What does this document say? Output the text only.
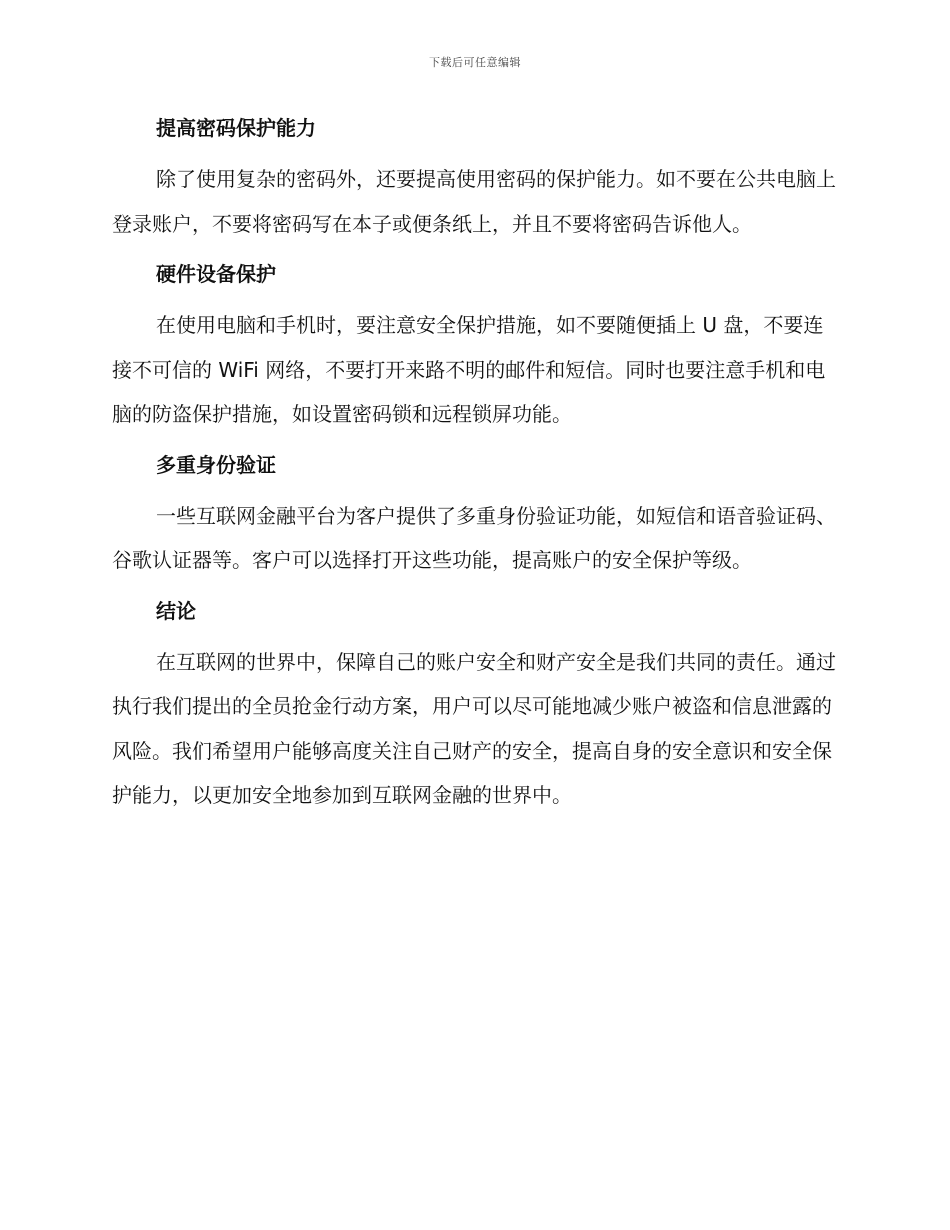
下载后可任意编辑
提高密码保护能力

除了使用复杂的密码外，还要提高使用密码的保护能力。如不要在公共电脑上登录账户，不要将密码写在本子或便条纸上，并且不要将密码告诉他人。

硬件设备保护

在使用电脑和手机时，要注意安全保护措施，如不要随便插上 U 盘，不要连接不可信的 WiFi 网络，不要打开来路不明的邮件和短信。同时也要注意手机和电脑的防盗保护措施，如设置密码锁和远程锁屏功能。

多重身份验证

一些互联网金融平台为客户提供了多重身份验证功能，如短信和语音验证码、谷歌认证器等。客户可以选择打开这些功能，提高账户的安全保护等级。

结论

在互联网的世界中，保障自己的账户安全和财产安全是我们共同的责任。通过执行我们提出的全员抢金行动方案，用户可以尽可能地减少账户被盗和信息泄露的风险。我们希望用户能够高度关注自己财产的安全，提高自身的安全意识和安全保护能力，以更加安全地参加到互联网金融的世界中。
